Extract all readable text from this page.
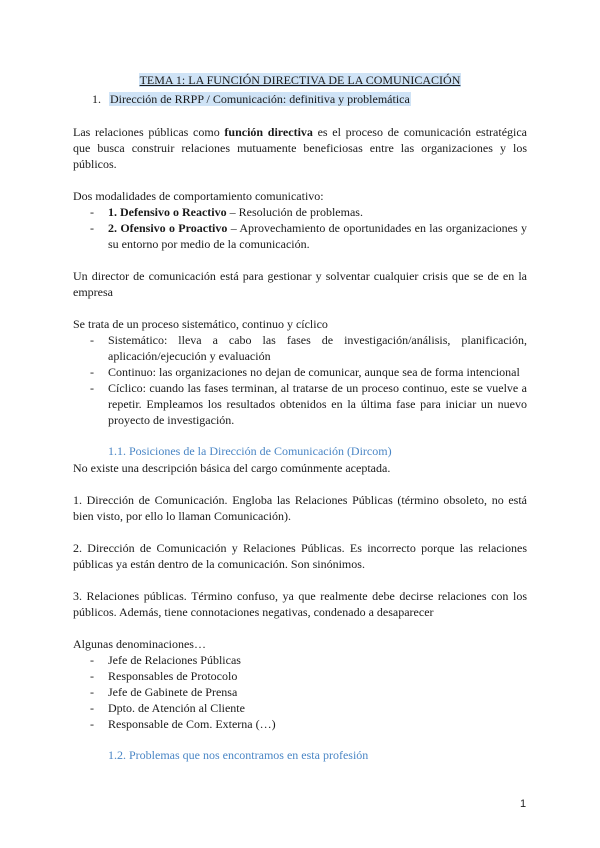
TEMA 1: LA FUNCIÓN DIRECTIVA DE LA COMUNICACIÓN
1. Dirección de RRPP / Comunicación: definitiva y problemática

Las relaciones públicas como función directiva es el proceso de comunicación estratégica que busca construir relaciones mutuamente beneficiosas entre las organizaciones y los públicos.

Dos modalidades de comportamiento comunicativo:

- 1. Defensivo o Reactivo – Resolución de problemas.
- 2. Ofensivo o Proactivo – Aprovechamiento de oportunidades en las organizaciones y su entorno por medio de la comunicación.

Un director de comunicación está para gestionar y solventar cualquier crisis que se de en la empresa

Se trata de un proceso sistemático, continuo y cíclico

- Sistemático: lleva a cabo las fases de investigación/análisis, planificación, aplicación/ejecución y evaluación
- Continuo: las organizaciones no dejan de comunicar, aunque sea de forma intencional
- Cíclico: cuando las fases terminan, al tratarse de un proceso continuo, este se vuelve a repetir. Empleamos los resultados obtenidos en la última fase para iniciar un nuevo proyecto de investigación.
1.1. Posiciones de la Dirección de Comunicación (Dircom)

No existe una descripción básica del cargo comúnmente aceptada.

1. Dirección de Comunicación. Engloba las Relaciones Públicas (término obsoleto, no está bien visto, por ello lo llaman Comunicación).

2. Dirección de Comunicación y Relaciones Públicas. Es incorrecto porque las relaciones públicas ya están dentro de la comunicación. Son sinónimos.

3. Relaciones públicas. Término confuso, ya que realmente debe decirse relaciones con los públicos. Además, tiene connotaciones negativas, condenado a desaparecer

Algunas denominaciones…

- Jefe de Relaciones Públicas
- Responsables de Protocolo
- Jefe de Gabinete de Prensa
- Dpto. de Atención al Cliente
- Responsable de Com. Externa (…)
1.2. Problemas que nos encontramos en esta profesión
1
